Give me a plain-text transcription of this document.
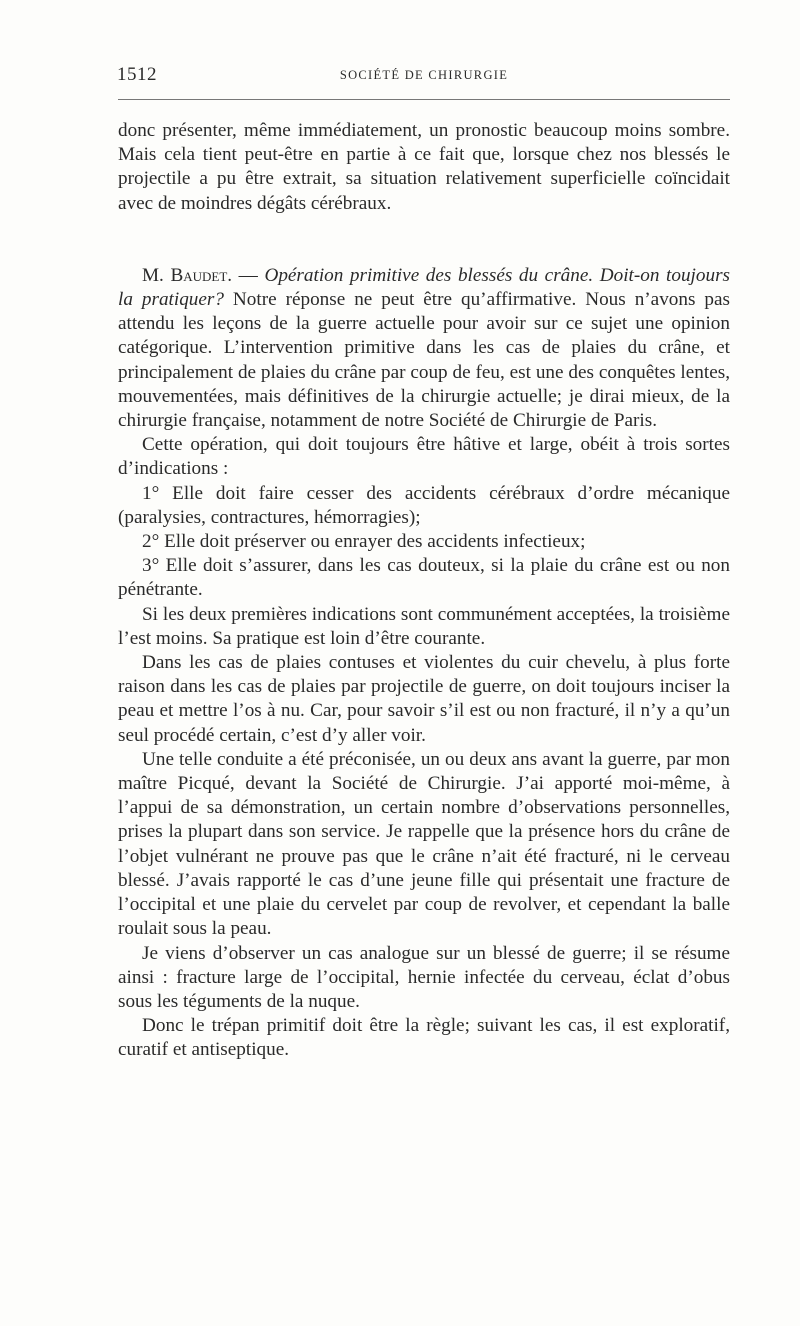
1512	SOCIÉTÉ DE CHIRURGIE

donc présenter, même immédiatement, un pronostic beaucoup moins sombre. Mais cela tient peut-être en partie à ce fait que, lorsque chez nos blessés le projectile a pu être extrait, sa situation relativement superficielle coïncidait avec de moindres dégâts cérébraux.

M. Baudet. — Opération primitive des blessés du crâne. Doit-on toujours la pratiquer? Notre réponse ne peut être qu’affirmative. Nous n’avons pas attendu les leçons de la guerre actuelle pour avoir sur ce sujet une opinion catégorique. L’intervention primitive dans les cas de plaies du crâne, et principalement de plaies du crâne par coup de feu, est une des conquêtes lentes, mouvementées, mais définitives de la chirurgie actuelle; je dirai mieux, de la chirurgie française, notamment de notre Société de Chirurgie de Paris.

Cette opération, qui doit toujours être hâtive et large, obéit à trois sortes d’indications :

1° Elle doit faire cesser des accidents cérébraux d’ordre mécanique (paralysies, contractures, hémorragies);

2° Elle doit préserver ou enrayer des accidents infectieux;

3° Elle doit s’assurer, dans les cas douteux, si la plaie du crâne est ou non pénétrante.

Si les deux premières indications sont communément acceptées, la troisième l’est moins. Sa pratique est loin d’être courante.

Dans les cas de plaies contuses et violentes du cuir chevelu, à plus forte raison dans les cas de plaies par projectile de guerre, on doit toujours inciser la peau et mettre l’os à nu. Car, pour savoir s’il est ou non fracturé, il n’y a qu’un seul procédé certain, c’est d’y aller voir.

Une telle conduite a été préconisée, un ou deux ans avant la guerre, par mon maître Picqué, devant la Société de Chirurgie. J’ai apporté moi-même, à l’appui de sa démonstration, un certain nombre d’observations personnelles, prises la plupart dans son service. Je rappelle que la présence hors du crâne de l’objet vulnérant ne prouve pas que le crâne n’ait été fracturé, ni le cerveau blessé. J’avais rapporté le cas d’une jeune fille qui présentait une fracture de l’occipital et une plaie du cervelet par coup de revolver, et cependant la balle roulait sous la peau.

Je viens d’observer un cas analogue sur un blessé de guerre; il se résume ainsi : fracture large de l’occipital, hernie infectée du cerveau, éclat d’obus sous les téguments de la nuque.

Donc le trépan primitif doit être la règle; suivant les cas, il est exploratif, curatif et antiseptique.
